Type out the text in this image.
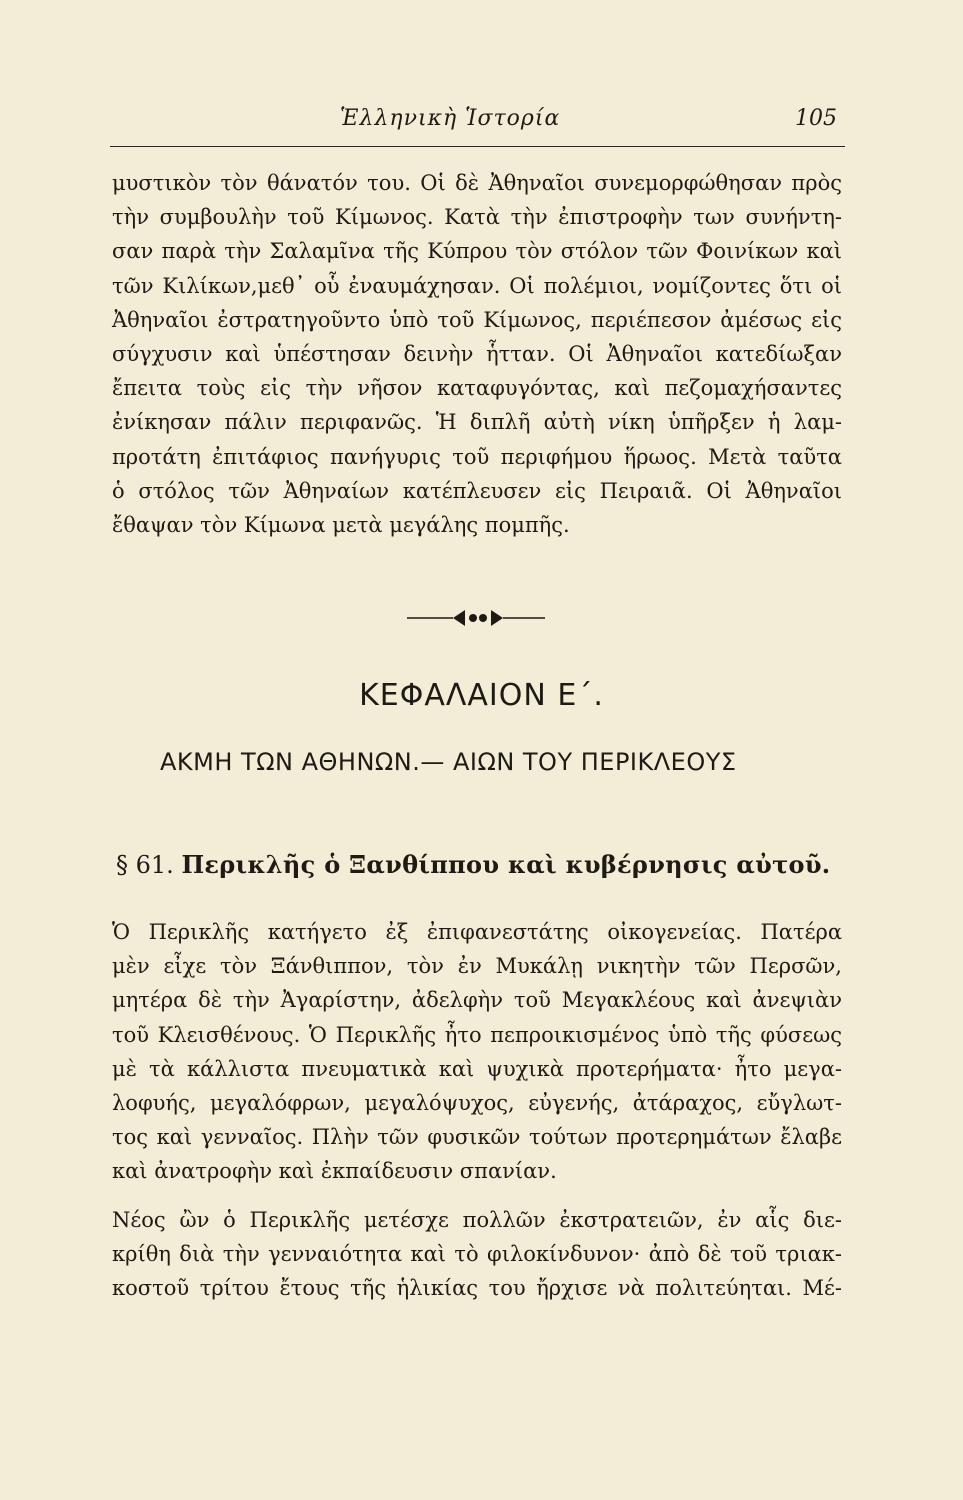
Ἑλληνικὴ Ἱστορία	105
μυστικὸν τὸν θάνατόν του. Οἱ δὲ Ἀθηναῖοι συνεμορφώθησαν πρὸς
τὴν συμβουλὴν τοῦ Κίμωνος. Κατὰ τὴν ἐπιστροφὴν των συνήντη-
σαν παρὰ τὴν Σαλαμῖνα τῆς Κύπρου τὸν στόλον τῶν Φοινίκων καὶ
τῶν Κιλίκων,μεθ᾽ οὗ ἐναυμάχησαν. Οἱ πολέμιοι, νομίζοντες ὅτι οἱ
Ἀθηναῖοι ἐστρατηγοῦντο ὑπὸ τοῦ Κίμωνος, περιέπεσον ἀμέσως εἰς
σύγχυσιν καὶ ὑπέστησαν δεινὴν ἧτταν. Οἱ Ἀθηναῖοι κατεδίωξαν
ἔπειτα τοὺς εἰς τὴν νῆσον καταφυγόντας, καὶ πεζομαχήσαντες
ἐνίκησαν πάλιν περιφανῶς. Ἡ διπλῆ αὐτὴ νίκη ὑπῆρξεν ἡ λαμ-
προτάτη ἐπιτάφιος πανήγυρις τοῦ περιφήμου ἥρωος. Μετὰ ταῦτα
ὁ στόλος τῶν Ἀθηναίων κατέπλευσεν εἰς Πειραιᾶ. Οἱ Ἀθηναῖοι
ἔθαψαν τὸν Κίμωνα μετὰ μεγάλης πομπῆς.
ΚΕΦΑΛΑΙΟΝ Ε΄.
ΑΚΜΗ ΤΩΝ ΑΘΗΝΩΝ.— ΑΙΩΝ ΤΟΥ ΠΕΡΙΚΛΕΟΥΣ
§ 61. Περικλῆς ὁ Ξανθίππου καὶ κυβέρνησις αὐτοῦ.
Ὁ Περικλῆς κατήγετο ἐξ ἐπιφανεστάτης οἰκογενείας. Πατέρα
μὲν εἶχε τὸν Ξάνθιππον, τὸν ἐν Μυκάλῃ νικητὴν τῶν Περσῶν,
μητέρα δὲ τὴν Ἀγαρίστην, ἀδελφὴν τοῦ Μεγακλέους καὶ ἀνεψιὰν
τοῦ Κλεισθένους. Ὁ Περικλῆς ἦτο πεπροικισμένος ὑπὸ τῆς φύσεως
μὲ τὰ κάλλιστα πνευματικὰ καὶ ψυχικὰ προτερήματα· ἦτο μεγα-
λοφυής, μεγαλόφρων, μεγαλόψυχος, εὐγενής, ἀτάραχος, εὔγλωτ-
τος καὶ γενναῖος. Πλὴν τῶν φυσικῶν τούτων προτερημάτων ἔλαβε
καὶ ἀνατροφὴν καὶ ἐκπαίδευσιν σπανίαν.
Νέος ὢν ὁ Περικλῆς μετέσχε πολλῶν ἐκστρατειῶν, ἐν αἷς διε-
κρίθη διὰ τὴν γενναιότητα καὶ τὸ φιλοκίνδυνον· ἀπὸ δὲ τοῦ τριακ-
κοστοῦ τρίτου ἔτους τῆς ἡλικίας του ἤρχισε νὰ πολιτεύηται. Μέ-
